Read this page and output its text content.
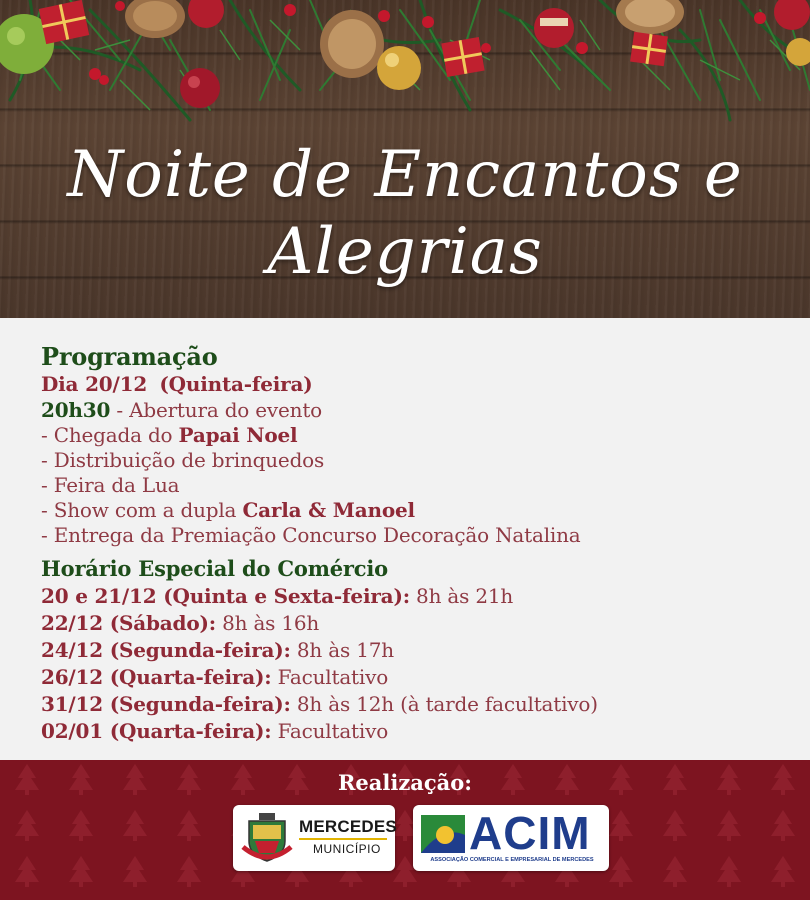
Noite de Encantos e
Alegrias
Programação
Dia 20/12 (Quinta-feira)
20h30 - Abertura do evento
- Chegada do Papai Noel
- Distribuição de brinquedos
- Feira da Lua
- Show com a dupla Carla & Manoel
- Entrega da Premiação Concurso Decoração Natalina
Horário Especial do Comércio
20 e 21/12 (Quinta e Sexta-feira): 8h às 21h
22/12 (Sábado): 8h às 16h
24/12 (Segunda-feira): 8h às 17h
26/12 (Quarta-feira): Facultativo
31/12 (Segunda-feira): 8h às 12h (à tarde facultativo)
02/01 (Quarta-feira): Facultativo
Realização:
MERCEDES
MUNICÍPIO ACIM
ASSOCIAÇÃO COMERCIAL E EMPRESARIAL DE MERCEDES
